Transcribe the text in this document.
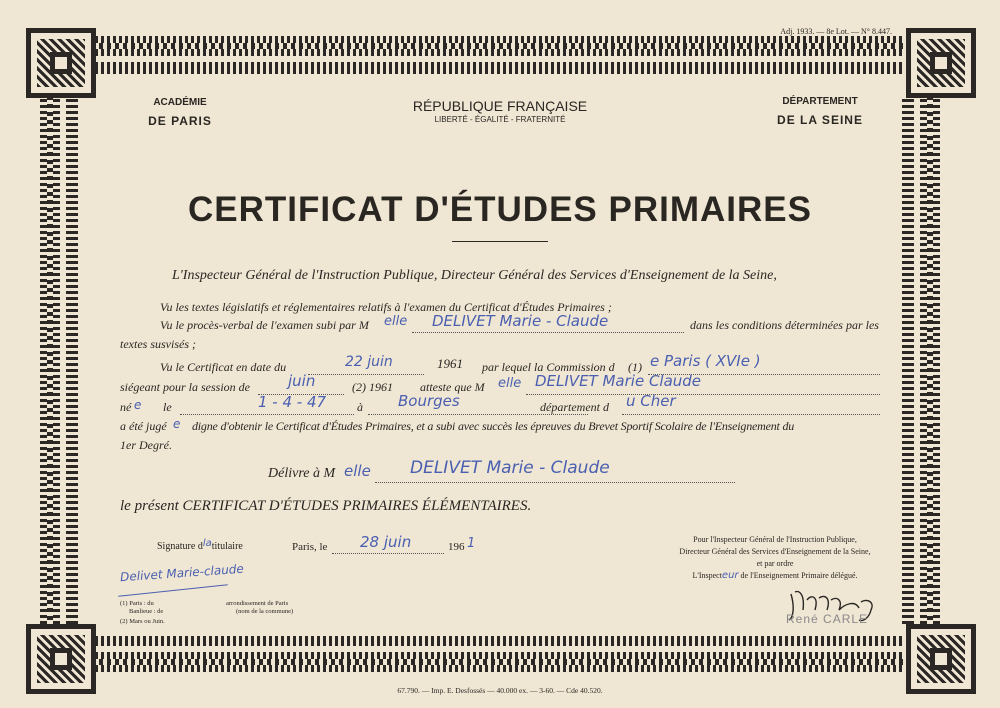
Adj. 1933. — 8e Lot. — N° 8.447.
ACADÉMIE
DE PARIS
RÉPUBLIQUE FRANÇAISE
LIBERTÉ - ÉGALITÉ - FRATERNITÉ
DÉPARTEMENT
DE LA SEINE
CERTIFICAT D'ÉTUDES PRIMAIRES
L'Inspecteur Général de l'Instruction Publique, Directeur Général des Services d'Enseignement de la Seine,
Vu les textes législatifs et réglementaires relatifs à l'examen du Certificat d'Études Primaires ;
Vu le procès-verbal de l'examen subi par M elle DELIVET Marie - Claude	dans les conditions déterminées par les
textes susvisés ;
Vu le Certificat en date du	22 juin	1961 par lequel la Commission d (1) e Paris ( XVIe )
siégeant pour la session de	juin	(2) 1961 atteste que M elle DELIVET Marie Claude
né e le	1 - 4 - 47	à Bourges	département d u Cher
a été jugé e digne d'obtenir le Certificat d'Études Primaires, et a subi avec succès les épreuves du Brevet Sportif Scolaire de l'Enseignement du
1er Degré.
Délivre à M elle DELIVET Marie - Claude
le présent CERTIFICAT D'ÉTUDES PRIMAIRES ÉLÉMENTAIRES.
Signature dlatitulaire	Paris, le 28 juin	196 1
Delivet Marie-claude
(1) Paris : du
Banlieue : de
(2) Mars ou Juin.
arrondissement de Paris
(nom de la commune)
Pour l'Inspecteur Général de l'Instruction Publique,
Directeur Général des Services d'Enseignement de la Seine,
et par ordre
L'Inspecteur de l'Enseignement Primaire délégué.
René CARLE
67.790. — Imp. E. Desfossés — 40.000 ex. — 3-60. — Cde 40.520.
